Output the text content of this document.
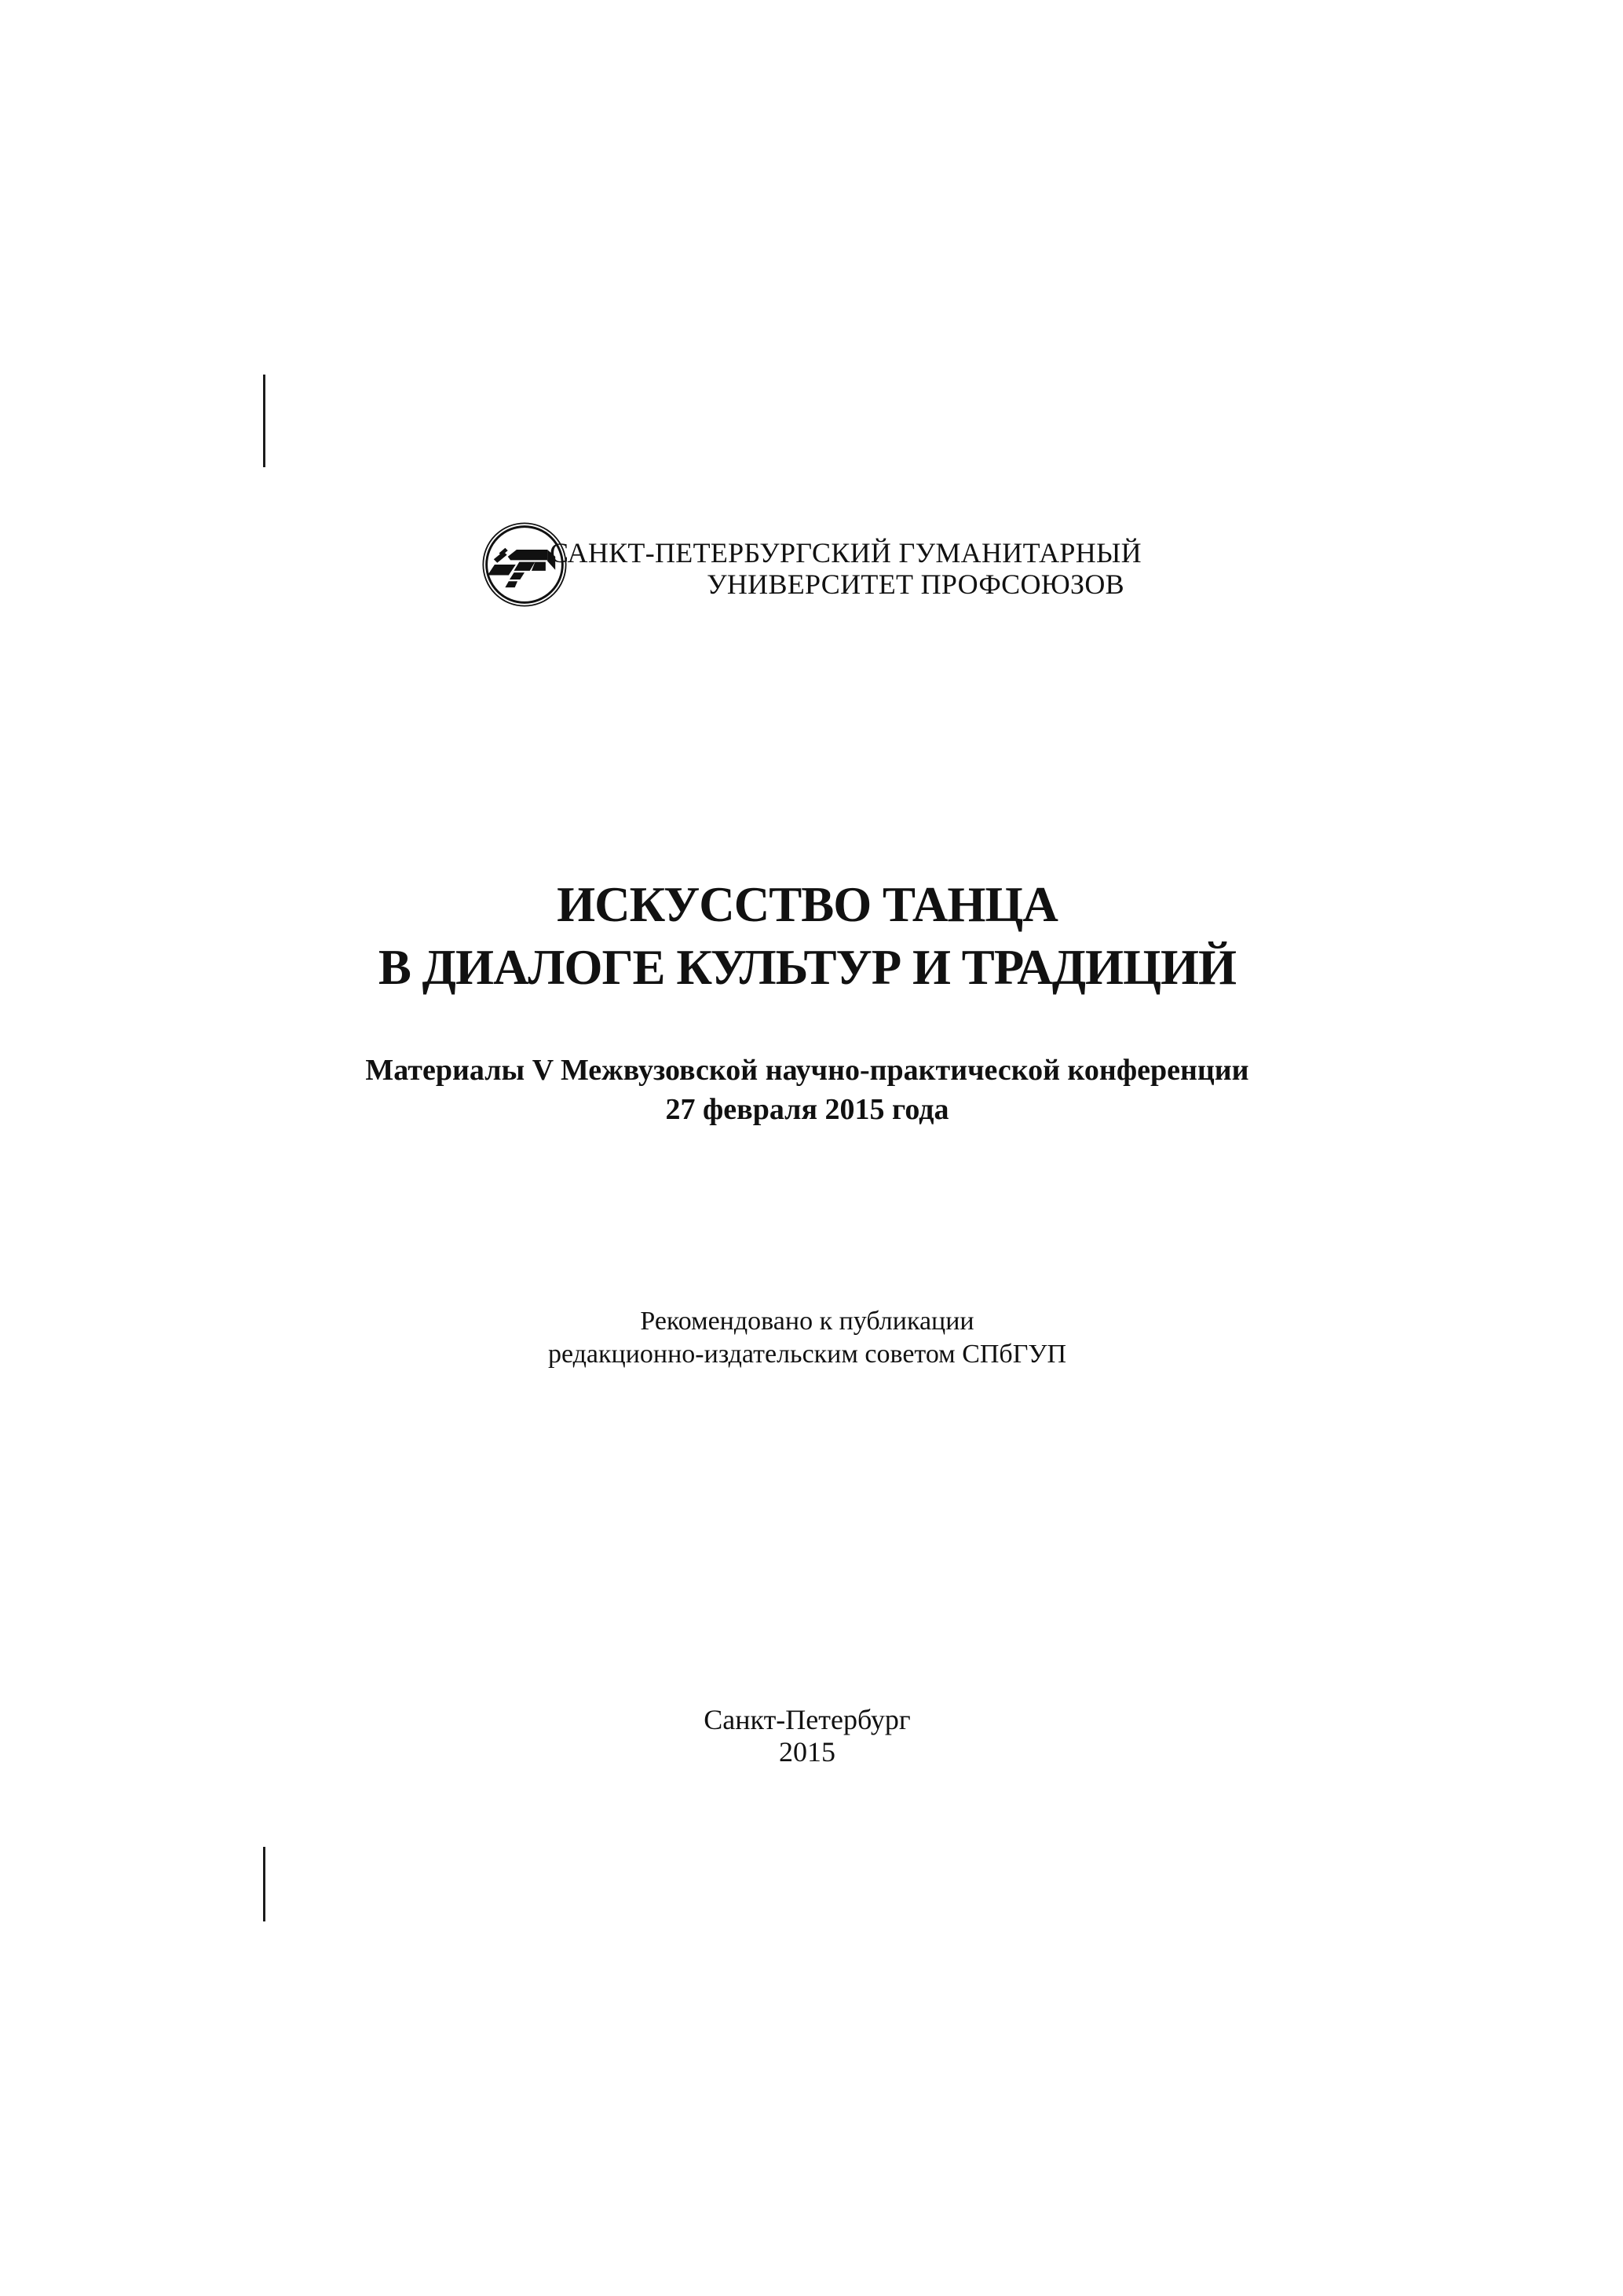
САНКТ-ПЕТЕРБУРГСКИЙ ГУМАНИТАРНЫЙ
УНИВЕРСИТЕТ ПРОФСОЮЗОВ
ИСКУССТВО ТАНЦА
В ДИАЛОГЕ КУЛЬТУР И ТРАДИЦИЙ
Материалы V Межвузовской научно-практической конференции
27 февраля 2015 года
Рекомендовано к публикации
редакционно-издательским советом СПбГУП
Санкт-Петербург
2015
